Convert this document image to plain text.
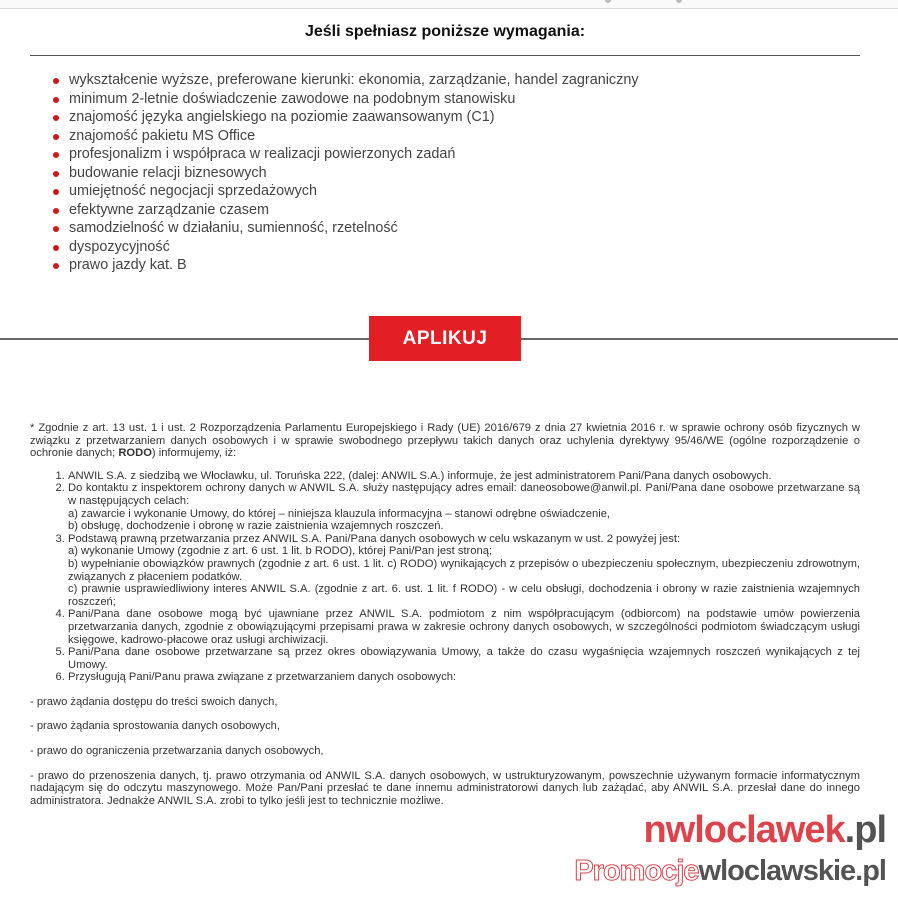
Jeśli spełniasz poniższe wymagania:
wykształcenie wyższe, preferowane kierunki: ekonomia, zarządzanie, handel zagraniczny
minimum 2-letnie doświadczenie zawodowe na podobnym stanowisku
znajomość języka angielskiego na poziomie zaawansowanym (C1)
znajomość pakietu MS Office
profesjonalizm i współpraca w realizacji powierzonych zadań
budowanie relacji biznesowych
umiejętność negocjacji sprzedażowych
efektywne zarządzanie czasem
samodzielność w działaniu, sumienność, rzetelność
dyspozycyjność
prawo jazdy kat. B
APLIKUJ

* Zgodnie z art. 13 ust. 1 i ust. 2 Rozporządzenia Parlamentu Europejskiego i Rady (UE) 2016/679 z dnia 27 kwietnia 2016 r. w sprawie ochrony osób fizycznych w związku z przetwarzaniem danych osobowych i w sprawie swobodnego przepływu takich danych oraz uchylenia dyrektywy 95/46/WE (ogólne rozporządzenie o ochronie danych; RODO) informujemy, iż:

1. ANWIL S.A. z siedzibą we Włocławku, ul. Toruńska 222, (dalej: ANWIL S.A.) informuje, że jest administratorem Pani/Pana danych osobowych.
2. Do kontaktu z inspektorem ochrony danych w ANWIL S.A. służy następujący adres email: daneosobowe@anwil.pl. Pani/Pana dane osobowe przetwarzane są w następujących celach:
a) zawarcie i wykonanie Umowy, do której – niniejsza klauzula informacyjna – stanowi odrębne oświadczenie,
b) obsługę, dochodzenie i obronę w razie zaistnienia wzajemnych roszczeń.
3. Podstawą prawną przetwarzania przez ANWIL S.A. Pani/Pana danych osobowych w celu wskazanym w ust. 2 powyżej jest:
a) wykonanie Umowy (zgodnie z art. 6 ust. 1 lit. b RODO), której Pani/Pan jest stroną;
b) wypełnianie obowiązków prawnych (zgodnie z art. 6 ust. 1 lit. c) RODO) wynikających z przepisów o ubezpieczeniu społecznym, ubezpieczeniu zdrowotnym, związanych z płaceniem podatków.
c) prawnie usprawiedliwiony interes ANWIL S.A. (zgodnie z art. 6. ust. 1 lit. f RODO) - w celu obsługi, dochodzenia i obrony w razie zaistnienia wzajemnych roszczeń;
4. Pani/Pana dane osobowe mogą być ujawniane przez ANWIL S.A. podmiotom z nim współpracującym (odbiorcom) na podstawie umów powierzenia przetwarzania danych, zgodnie z obowiązującymi przepisami prawa w zakresie ochrony danych osobowych, w szczególności podmiotom świadczącym usługi księgowe, kadrowo-płacowe oraz usługi archiwizacji.
5. Pani/Pana dane osobowe przetwarzane są przez okres obowiązywania Umowy, a także do czasu wygaśnięcia wzajemnych roszczeń wynikających z tej Umowy.
6. Przysługują Pani/Panu prawa związane z przetwarzaniem danych osobowych:

- prawo żądania dostępu do treści swoich danych,

- prawo żądania sprostowania danych osobowych,

- prawo do ograniczenia przetwarzania danych osobowych,

- prawo do przenoszenia danych, tj. prawo otrzymania od ANWIL S.A. danych osobowych, w ustrukturyzowanym, powszechnie używanym formacie informatycznym nadającym się do odczytu maszynowego. Może Pan/Pani przesłać te dane innemu administratorowi danych lub zażądać, aby ANWIL S.A. przesłał dane do innego administratora. Jednakże ANWIL S.A. zrobi to tylko jeśli jest to technicznie możliwe.

nwloclawek.pl
Promocjewloclawskie.pl
